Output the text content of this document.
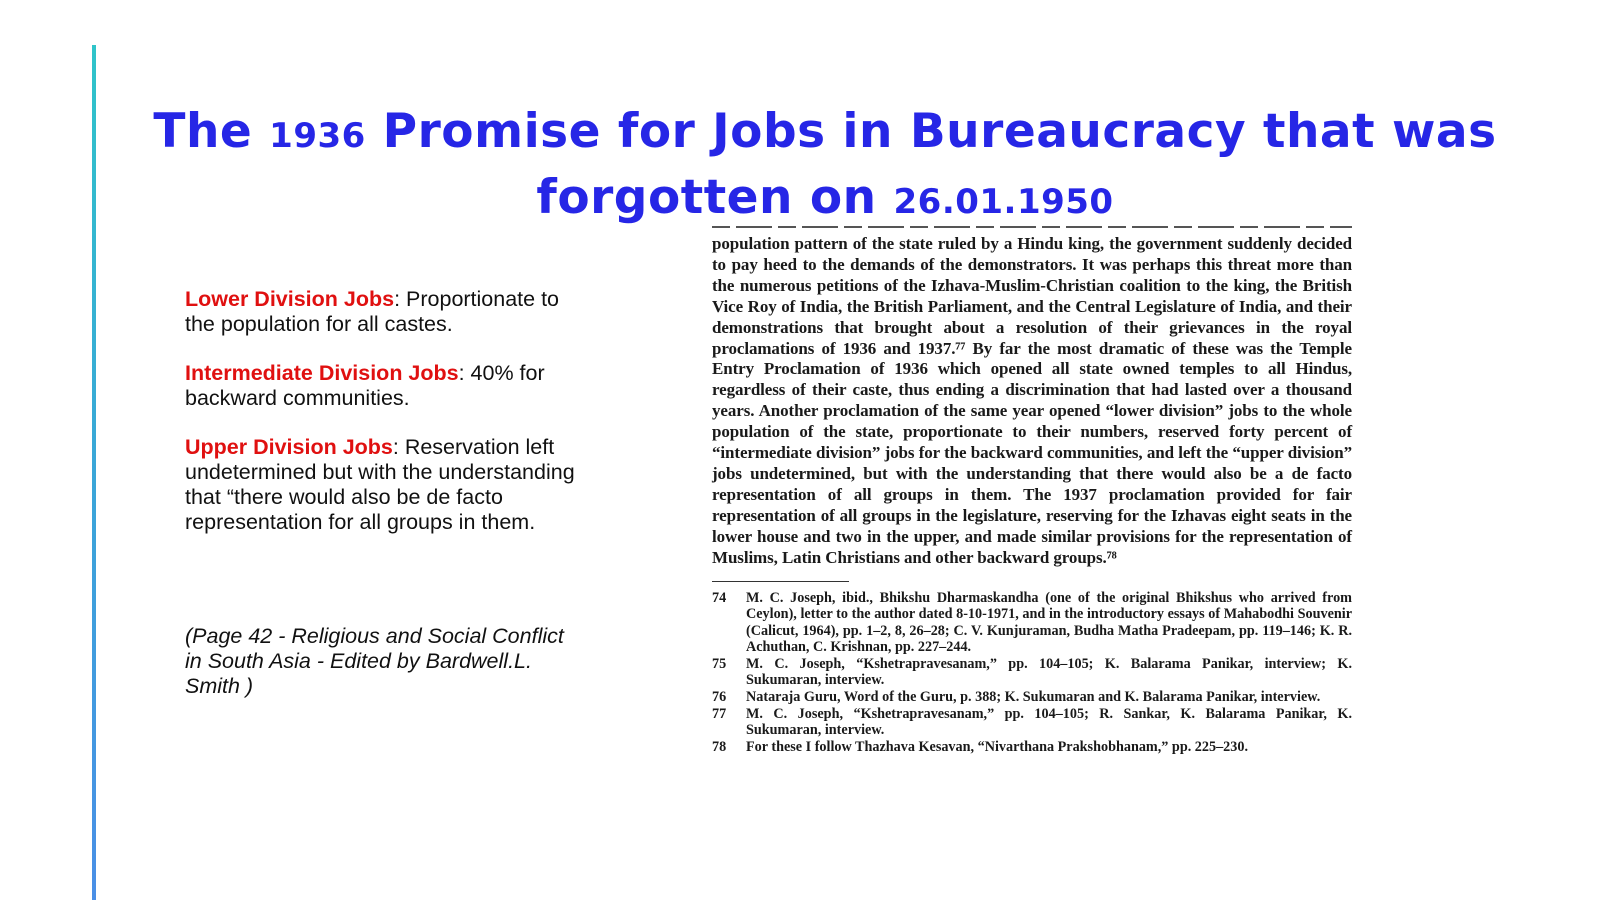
The 1936 Promise for Jobs in Bureaucracy that was forgotten on 26.01.1950

Lower Division Jobs: Proportionate to the population for all castes.

Intermediate Division Jobs: 40% for backward communities.

Upper Division Jobs: Reservation left undetermined but with the understanding that “there would also be de facto representation for all groups in them.

(Page 42 - Religious and Social Conflict in South Asia - Edited by Bardwell.L. Smith )
population pattern of the state ruled by a Hindu king, the government suddenly decided to pay heed to the demands of the demonstrators. It was perhaps this threat more than the numerous petitions of the Izhava-Muslim-Christian coalition to the king, the British Vice Roy of India, the British Parliament, and the Central Legislature of India, and their demonstrations that brought about a resolution of their grievances in the royal proclamations of 1936 and 1937.⁷⁷ By far the most dramatic of these was the Temple Entry Proclamation of 1936 which opened all state owned temples to all Hindus, regardless of their caste, thus ending a discrimination that had lasted over a thousand years. Another proclamation of the same year opened “lower division” jobs to the whole population of the state, proportionate to their numbers, reserved forty percent of “intermediate division” jobs for the backward communities, and left the “upper division” jobs undetermined, but with the understanding that there would also be a de facto representation of all groups in them. The 1937 proclamation provided for fair representation of all groups in the legislature, reserving for the Izhavas eight seats in the lower house and two in the upper, and made similar provisions for the representation of Muslims, Latin Christians and other backward groups.⁷⁸
74	M. C. Joseph, ibid., Bhikshu Dharmaskandha (one of the original Bhikshus who arrived from Ceylon), letter to the author dated 8-10-1971, and in the introductory essays of Mahabodhi Souvenir (Calicut, 1964), pp. 1–2, 8, 26–28; C. V. Kunjuraman, Budha Matha Pradeepam, pp. 119–146; K. R. Achuthan, C. Krishnan, pp. 227–244.
75	M. C. Joseph, “Kshetrapravesanam,” pp. 104–105; K. Balarama Panikar, interview; K. Sukumaran, interview.
76	Nataraja Guru, Word of the Guru, p. 388; K. Sukumaran and K. Balarama Panikar, interview.
77	M. C. Joseph, “Kshetrapravesanam,” pp. 104–105; R. Sankar, K. Balarama Panikar, K. Sukumaran, interview.
78	For these I follow Thazhava Kesavan, “Nivarthana Prakshobhanam,” pp. 225–230.
